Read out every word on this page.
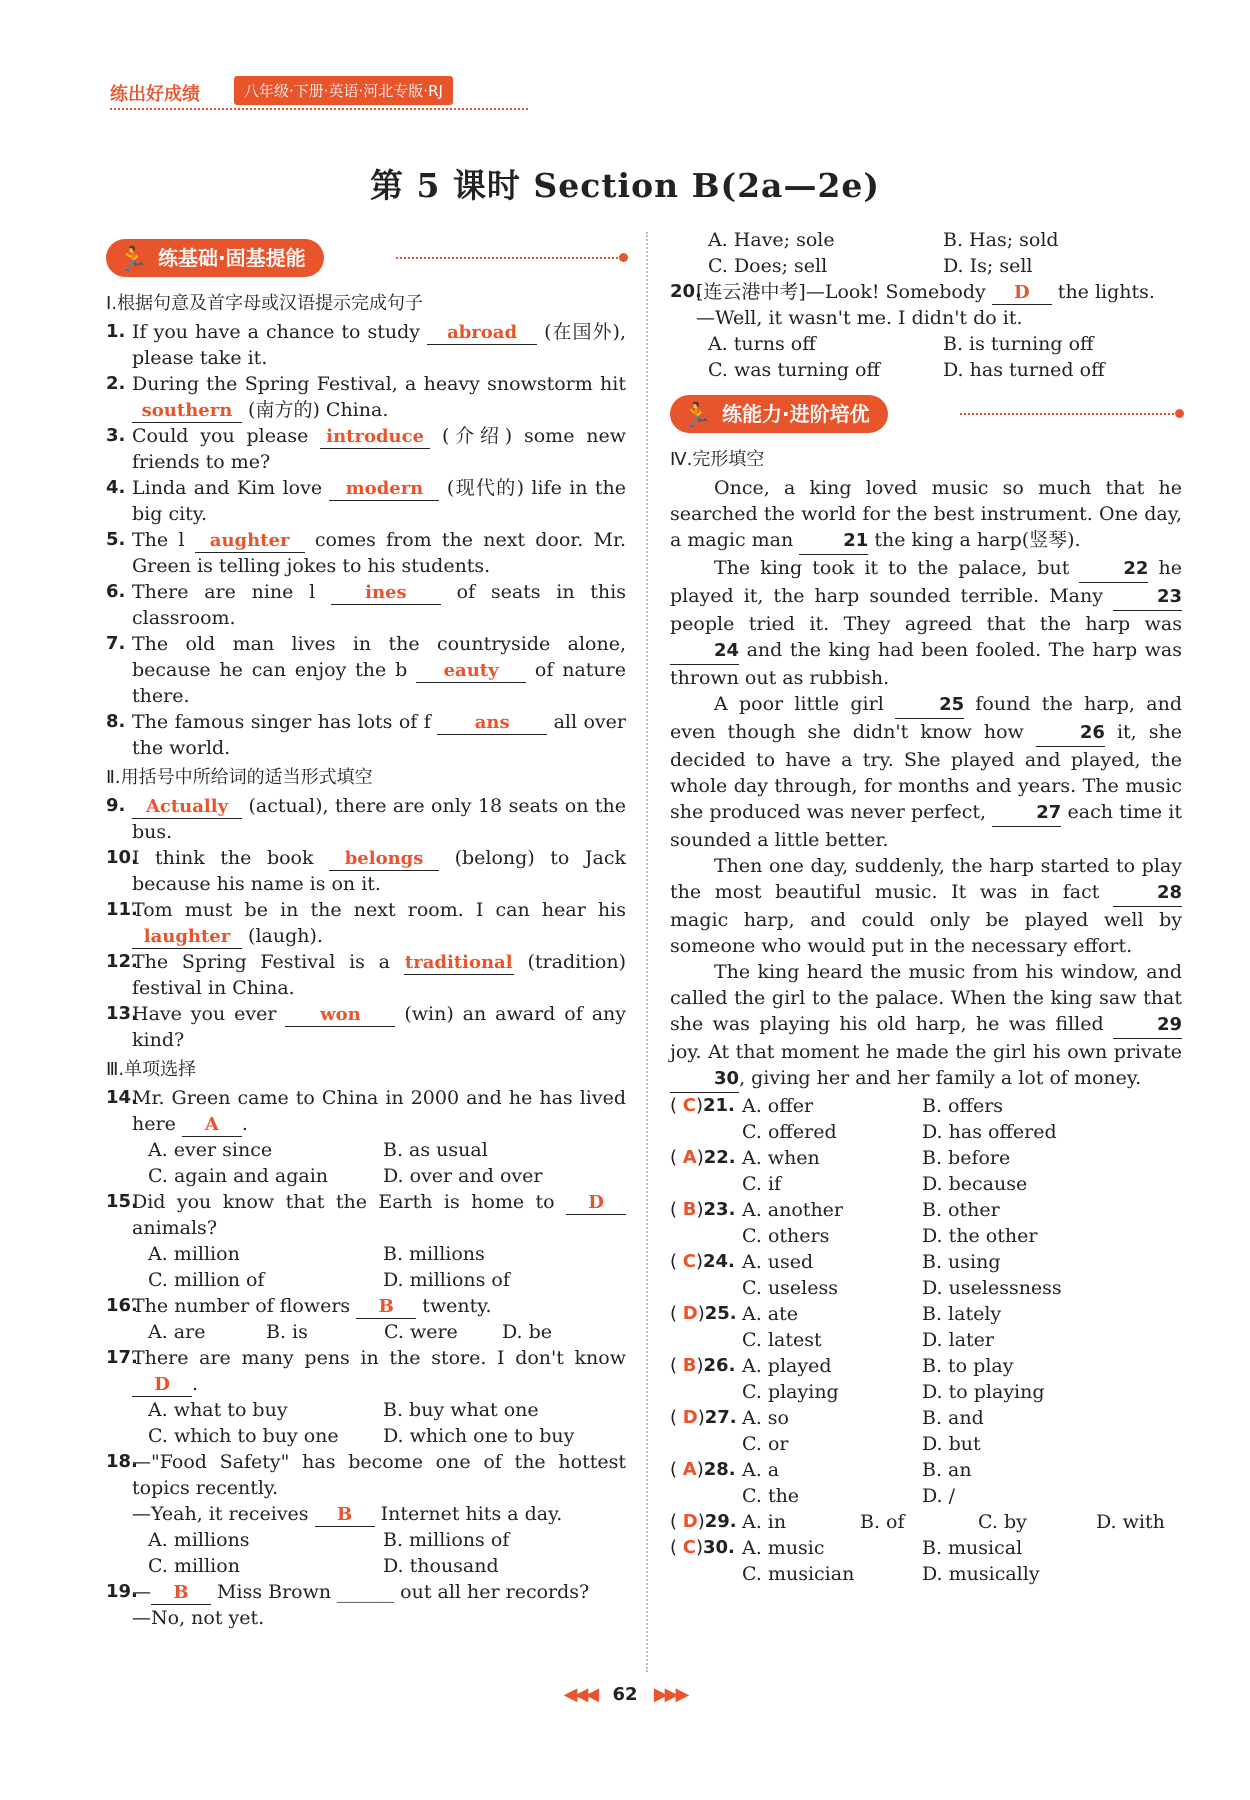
练出好成绩	八年级·下册·英语·河北专版·RJ
第 5 课时 Section B(2a—2e)
🏃 练基础·固基提能
Ⅰ.根据句意及首字母或汉语提示完成句子
1. If you have a chance to study abroad (在国外), please take it.
2. During the Spring Festival, a heavy snowstorm hit southern (南方的) China.
3. Could you please introduce (介绍) some new friends to me?
4. Linda and Kim love modern (现代的) life in the big city.
5. The l aughter comes from the next door. Mr. Green is telling jokes to his students.
6. There are nine l ines of seats in this classroom.
7. The old man lives in the countryside alone, because he can enjoy the b eauty of nature there.
8. The famous singer has lots of f ans all over the world.
Ⅱ.用括号中所给词的适当形式填空
9.	Actually (actual), there are only 18 seats on the bus.
10.
I think the book belongs (belong) to Jack because his name is on it.
11.
Tom must be in the next room. I can hear his laughter (laugh).
12.
The Spring Festival is a traditional (tradition) festival in China.
13.
Have you ever won (win) an award of any kind?
Ⅲ.单项选择
14.
Mr. Green came to China in 2000 and he has lived here A .
A. ever since	B. as usual
C. again and again	D. over and over
15.
Did you know that the Earth is home to D animals?
A. million	B. millions
C. million of	D. millions of
16.
The number of flowers B twenty.
A. are	B. is	C. were	D. be
17.
There are many pens in the store. I don't know D .
A. what to buy	B. buy what one
C. which to buy one	D. which one to buy
18.
—"Food Safety" has become one of the hottest topics recently.
—Yeah, it receives B Internet hits a day.
A. millions	B. millions of
C. million	D. thousand
19.
— B Miss Brown ______ out all her records?
—No, not yet.
A. Have; sole	B. Has; sold
C. Does; sell	D. Is; sell
20.
[连云港中考]—Look! Somebody D the lights.
—Well, it wasn't me. I didn't do it.
A. turns off	B. is turning off
C. was turning off	D. has turned off
🏃 练能力·进阶培优
Ⅳ.完形填空

Once, a king loved music so much that he searched the world for the best instrument. One day, a magic man 21 the king a harp(竖琴).

The king took it to the palace, but 22 he played it, the harp sounded terrible. Many 23 people tried it. They agreed that the harp was 24 and the king had been fooled. The harp was thrown out as rubbish.

A poor little girl 25 found the harp, and even though she didn't know how 26 it, she decided to have a try. She played and played, the whole day through, for months and years. The music she produced was never perfect, 27 each time it sounded a little better.

Then one day, suddenly, the harp started to play the most beautiful music. It was in fact 28 magic harp, and could only be played well by someone who would put in the necessary effort.

The king heard the music from his window, and called the girl to the palace. When the king saw that she was playing his old harp, he was filled 29 joy. At that moment he made the girl his own private 30, giving her and her family a lot of money.

( C)21. A. offer	B. offers
C. offered	D. has offered
( A)22. A. when	B. before
C. if	D. because
( B)23. A. another	B. other
C. others	D. the other
( C)24. A. used	B. using
C. useless	D. uselessness
( D)25. A. ate	B. lately
C. latest	D. later
( B)26. A. played	B. to play
C. playing	D. to playing
( D)27. A. so	B. and
C. or	D. but
( A)28. A. a	B. an
C. the	D. /
( D)29. A. in	B. of	C. by	D. with
( C)30. A. music	B. musical
C. musician	D. musically
◀◀◀ 62 ▶▶▶
